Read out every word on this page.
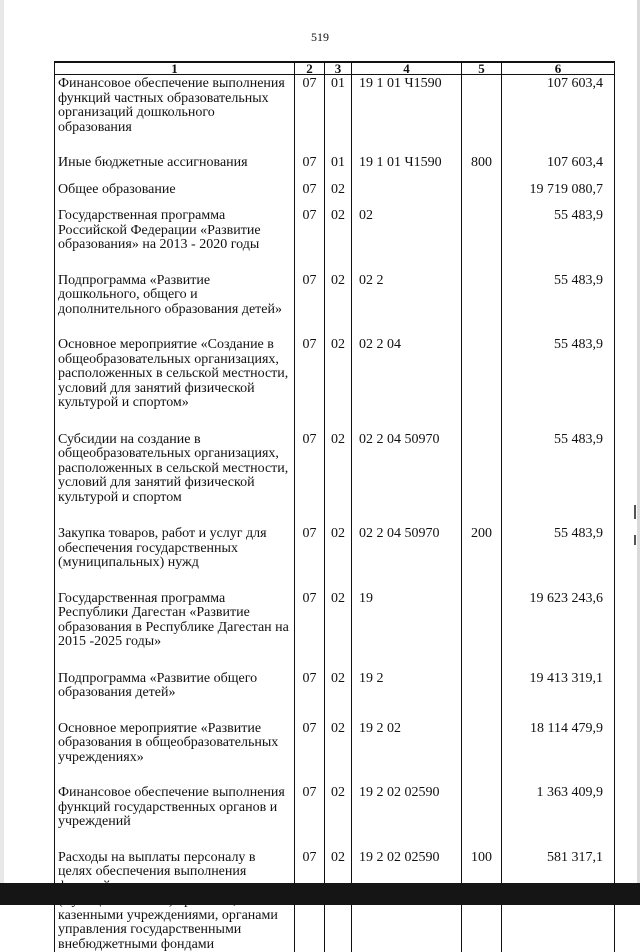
519
1	2	3	4	5	6
Финансовое обеспечение выполнения функций частных образовательных организаций дошкольного образования	07	01	19 1 01 Ч1590		107 603,4
Иные бюджетные ассигнования	07	01	19 1 01 Ч1590	800	107 603,4
Общее образование	07	02			19 719 080,7
Государственная программа Российской Федерации «Развитие образования» на 2013 - 2020 годы	07	02	02		55 483,9
Подпрограмма «Развитие дошкольного, общего и дополнительного образования детей»	07	02	02 2		55 483,9
Основное мероприятие «Создание в общеобразовательных организациях, расположенных в сельской местности, условий для занятий физической культурой и спортом»	07	02	02 2 04		55 483,9
Субсидии на создание в общеобразовательных организациях, расположенных в сельской местности, условий для занятий физической культурой и спортом	07	02	02 2 04 50970		55 483,9
Закупка товаров, работ и услуг для обеспечения государственных (муниципальных) нужд	07	02	02 2 04 50970	200	55 483,9
Государственная программа Республики Дагестан «Развитие образования в Республике Дагестан на 2015 -2025 годы»	07	02	19		19 623 243,6
Подпрограмма «Развитие общего образования детей»	07	02	19 2		19 413 319,1
Основное мероприятие «Развитие образования в общеобразовательных учреждениях»	07	02	19 2 02		18 114 479,9
Финансовое обеспечение выполнения функций государственных органов и учреждений	07	02	19 2 02 02590		1 363 409,9
Расходы на выплаты персоналу в целях обеспечения выполнения казенными учреждениями, органами управления государственными внебюджетными фондами	07	02	19 2 02 02590	100	581 317,1
